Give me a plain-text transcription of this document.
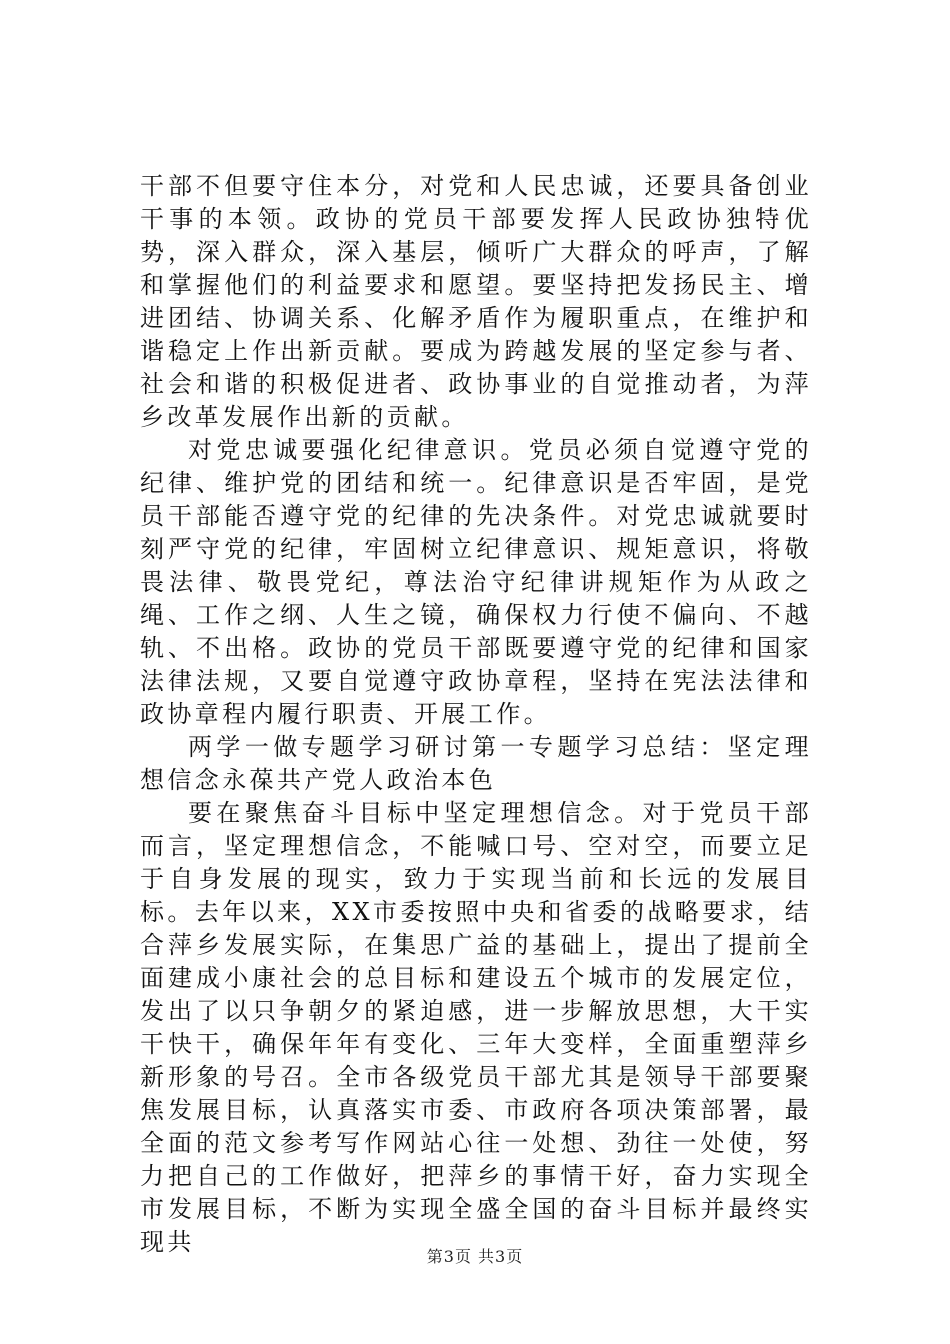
干部不但要守住本分，对党和人民忠诚，还要具备创业干事的本领。政协的党员干部要发挥人民政协独特优势，深入群众，深入基层，倾听广大群众的呼声，了解和掌握他们的利益要求和愿望。要坚持把发扬民主、增进团结、协调关系、化解矛盾作为履职重点，在维护和谐稳定上作出新贡献。要成为跨越发展的坚定参与者、社会和谐的积极促进者、政协事业的自觉推动者，为萍乡改革发展作出新的贡献。

对党忠诚要强化纪律意识。党员必须自觉遵守党的纪律、维护党的团结和统一。纪律意识是否牢固，是党员干部能否遵守党的纪律的先决条件。对党忠诚就要时刻严守党的纪律，牢固树立纪律意识、规矩意识，将敬畏法律、敬畏党纪，尊法治守纪律讲规矩作为从政之绳、工作之纲、人生之镜，确保权力行使不偏向、不越轨、不出格。政协的党员干部既要遵守党的纪律和国家法律法规，又要自觉遵守政协章程，坚持在宪法法律和政协章程内履行职责、开展工作。

两学一做专题学习研讨第一专题学习总结：坚定理想信念永葆共产党人政治本色

要在聚焦奋斗目标中坚定理想信念。对于党员干部而言，坚定理想信念，不能喊口号、空对空，而要立足于自身发展的现实，致力于实现当前和长远的发展目标。去年以来，XX市委按照中央和省委的战略要求，结合萍乡发展实际，在集思广益的基础上，提出了提前全面建成小康社会的总目标和建设五个城市的发展定位，发出了以只争朝夕的紧迫感，进一步解放思想，大干实干快干，确保年年有变化、三年大变样，全面重塑萍乡新形象的号召。全市各级党员干部尤其是领导干部要聚焦发展目标，认真落实市委、市政府各项决策部署，最全面的范文参考写作网站心往一处想、劲往一处使，努力把自己的工作做好，把萍乡的事情干好，奋力实现全市发展目标，不断为实现全盛全国的奋斗目标并最终实现共

第3页 共3页
